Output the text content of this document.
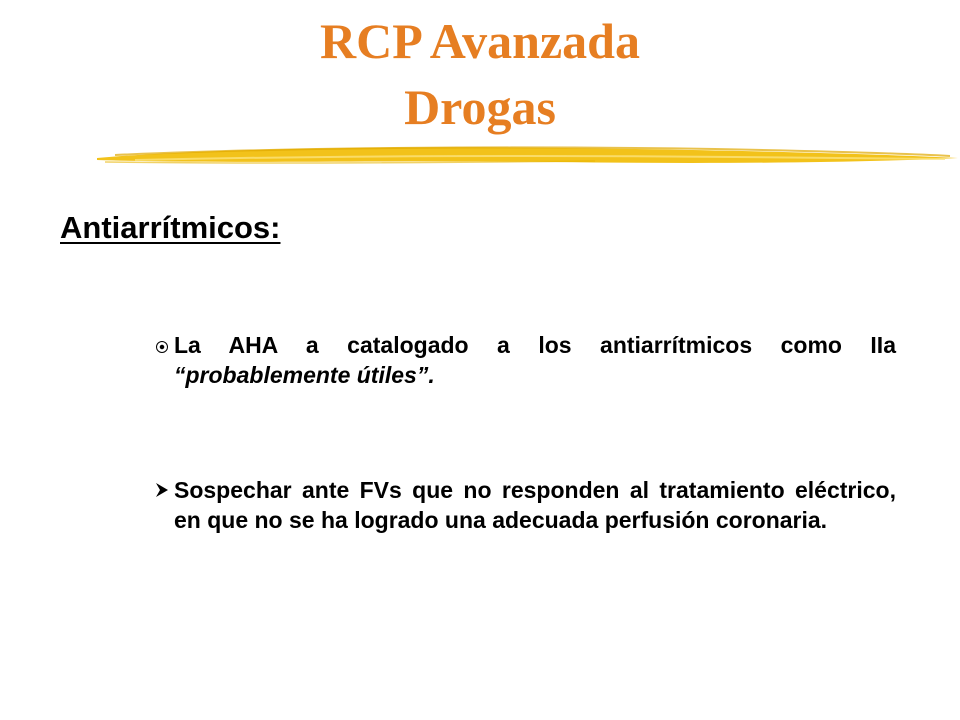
RCP Avanzada
Drogas
Antiarrítmicos:
La AHA a catalogado a los antiarrítmicos como IIa “probablemente útiles”.
Sospechar ante FVs que no responden al tratamiento eléctrico, en que no se ha logrado una adecuada perfusión coronaria.
